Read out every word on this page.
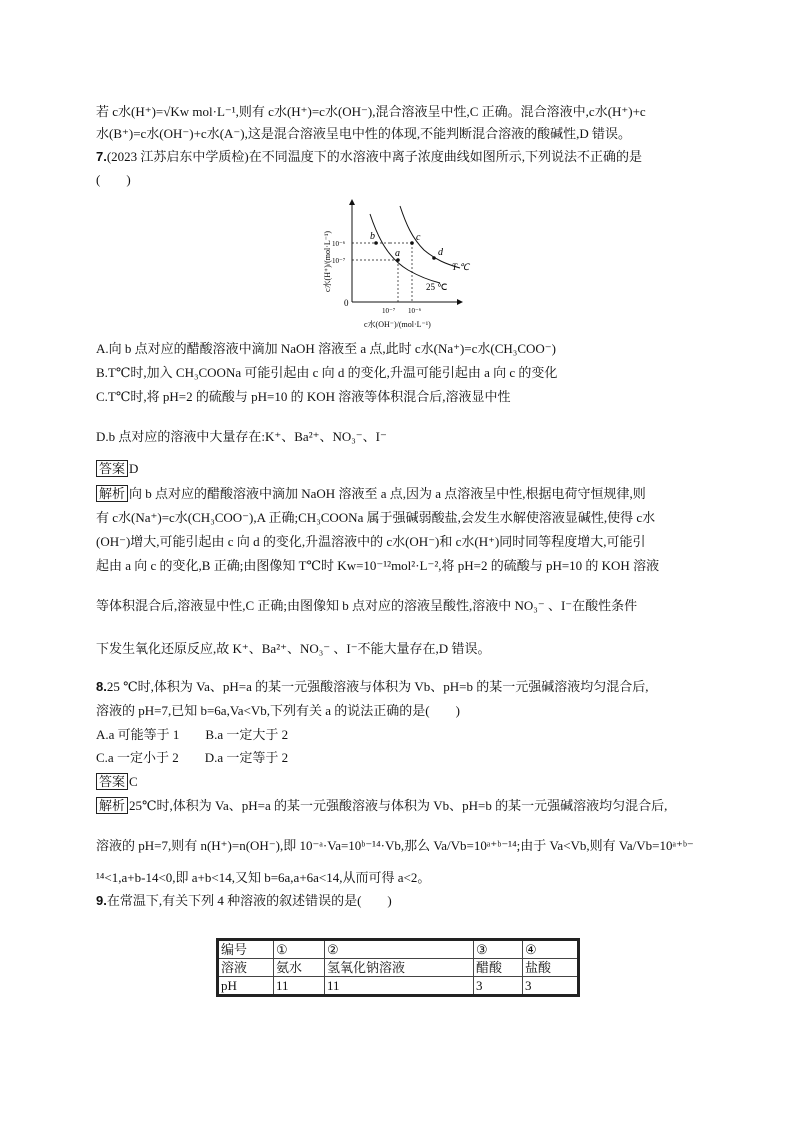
若 c水(H⁺)=√Kw mol·L⁻¹,则有 c水(H⁺)=c水(OH⁻),混合溶液呈中性,C 正确。混合溶液中,c水(H⁺)+c
水(B⁺)=c水(OH⁻)+c水(A⁻),这是混合溶液呈电中性的体现,不能判断混合溶液的酸碱性,D 错误。
7.(2023 江苏启东中学质检)在不同温度下的水溶液中离子浓度曲线如图所示,下列说法不正确的是
(　　)
0
c水(H⁺)/(mol·L⁻¹)
c水(OH⁻)/(mol·L⁻¹)
10⁻⁶
10⁻⁷
10⁻⁷ 10⁻⁶
b	c
a	d
T ℃
25 ℃
A.向 b 点对应的醋酸溶液中滴加 NaOH 溶液至 a 点,此时 c水(Na⁺)=c水(CH₃COO⁻)
B.T℃时,加入 CH₃COONa 可能引起由 c 向 d 的变化,升温可能引起由 a 向 c 的变化
C.T℃时,将 pH=2 的硫酸与 pH=10 的 KOH 溶液等体积混合后,溶液显中性
D.b 点对应的溶液中大量存在:K⁺、Ba²⁺、NO₃⁻、I⁻
答案 D
解析 向 b 点对应的醋酸溶液中滴加 NaOH 溶液至 a 点,因为 a 点溶液呈中性,根据电荷守恒规律,则
有 c水(Na⁺)=c水(CH₃COO⁻),A 正确;CH₃COONa 属于强碱弱酸盐,会发生水解使溶液显碱性,使得 c水
(OH⁻)增大,可能引起由 c 向 d 的变化,升温溶液中的 c水(OH⁻)和 c水(H⁺)同时同等程度增大,可能引
起由 a 向 c 的变化,B 正确;由图像知 T℃时 Kw=10⁻¹²mol²·L⁻²,将 pH=2 的硫酸与 pH=10 的 KOH 溶液
等体积混合后,溶液显中性,C 正确;由图像知 b 点对应的溶液呈酸性,溶液中 NO₃⁻ 、I⁻在酸性条件
下发生氧化还原反应,故 K⁺、Ba²⁺、NO₃⁻ 、I⁻不能大量存在,D 错误。
8.25 ℃时,体积为 Va、pH=a 的某一元强酸溶液与体积为 Vb、pH=b 的某一元强碱溶液均匀混合后,
溶液的 pH=7,已知 b=6a,Va<Vb,下列有关 a 的说法正确的是(　　)
A.a 可能等于 1　　B.a 一定大于 2
C.a 一定小于 2　　D.a 一定等于 2
答案 C
解析 25℃时,体积为 Va、pH=a 的某一元强酸溶液与体积为 Vb、pH=b 的某一元强碱溶液均匀混合后,
溶液的 pH=7,则有 n(H⁺)=n(OH⁻),即 10⁻ᵃ·Va=10ᵇ⁻¹⁴·Vb,那么 Va/Vb=10ᵃ⁺ᵇ⁻¹⁴;由于 Va<Vb,则有 Va/Vb=10ᵃ⁺ᵇ⁻
¹⁴<1,a+b-14<0,即 a+b<14,又知 b=6a,a+6a<14,从而可得 a<2。
9.在常温下,有关下列 4 种溶液的叙述错误的是(　　)
编号	①	②	③	④
溶液	氨水	氢氧化钠溶液	醋酸	盐酸
pH	11	11	3	3
